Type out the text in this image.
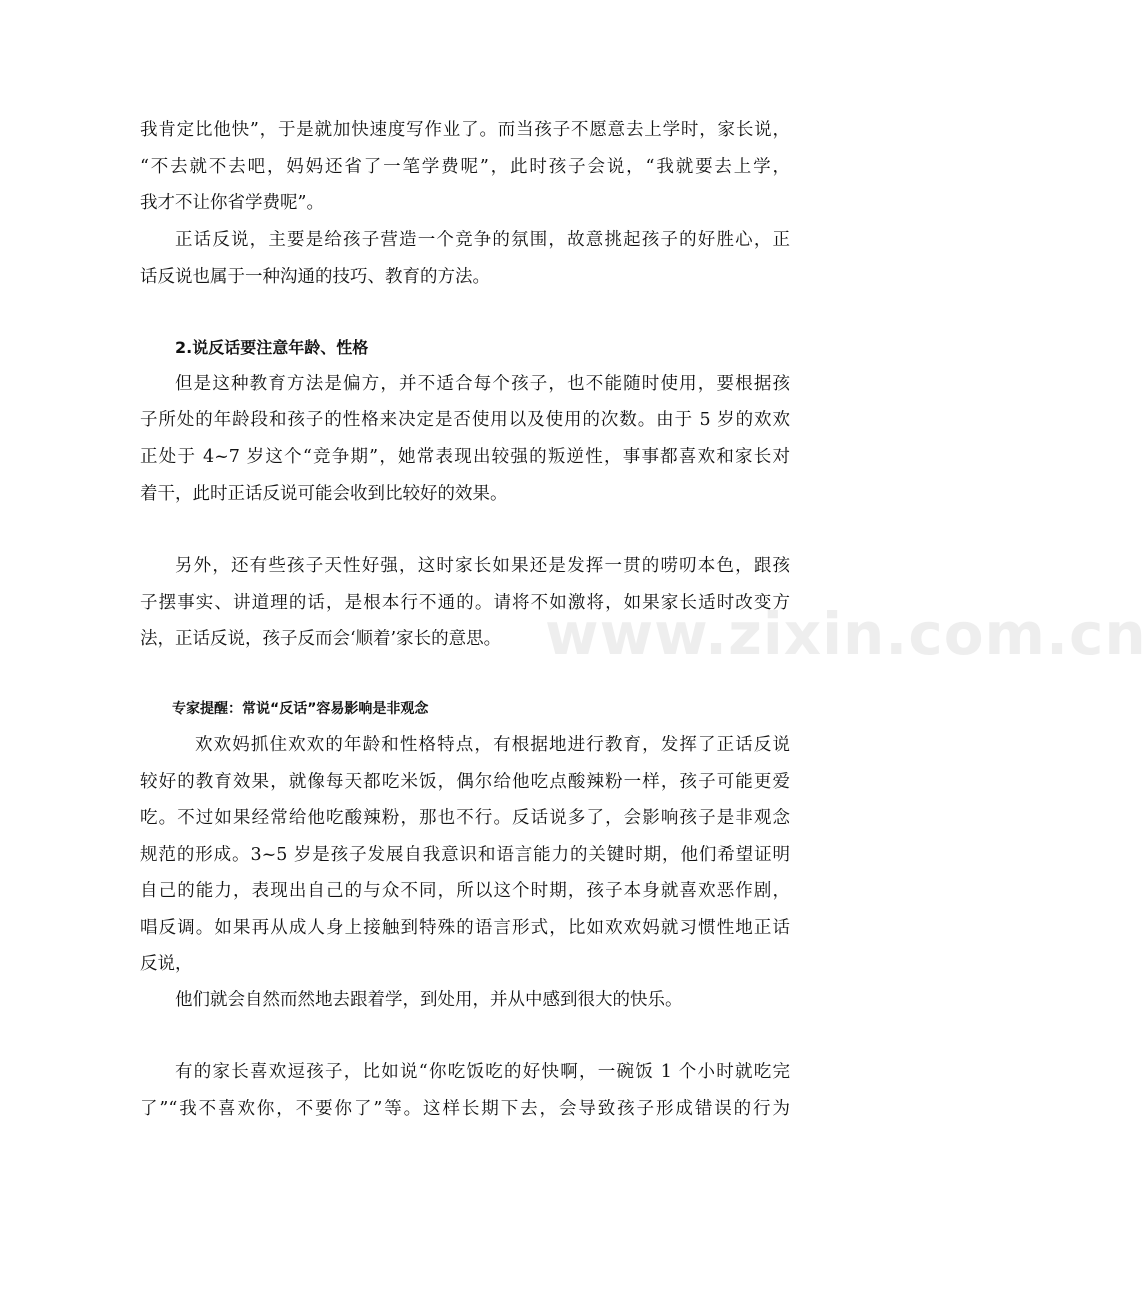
www.zixin.com.cn
我肯定比他快”，于是就加快速度写作业了。而当孩子不愿意去上学时，家长说，
“不去就不去吧，妈妈还省了一笔学费呢”，此时孩子会说，“我就要去上学，
我才不让你省学费呢”。
正话反说，主要是给孩子营造一个竞争的氛围，故意挑起孩子的好胜心，正
话反说也属于一种沟通的技巧、教育的方法。
2.说反话要注意年龄、性格
但是这种教育方法是偏方，并不适合每个孩子，也不能随时使用，要根据孩
子所处的年龄段和孩子的性格来决定是否使用以及使用的次数。由于 5 岁的欢欢
正处于 4~7 岁这个“竞争期”，她常表现出较强的叛逆性，事事都喜欢和家长对
着干，此时正话反说可能会收到比较好的效果。
另外，还有些孩子天性好强，这时家长如果还是发挥一贯的唠叨本色，跟孩
子摆事实、讲道理的话，是根本行不通的。请将不如激将，如果家长适时改变方
法，正话反说，孩子反而会‘顺着’家长的意思。
专家提醒：常说“反话”容易影响是非观念
欢欢妈抓住欢欢的年龄和性格特点，有根据地进行教育，发挥了正话反说
较好的教育效果，就像每天都吃米饭，偶尔给他吃点酸辣粉一样，孩子可能更爱
吃。不过如果经常给他吃酸辣粉，那也不行。反话说多了，会影响孩子是非观念
规范的形成。3~5 岁是孩子发展自我意识和语言能力的关键时期，他们希望证明
自己的能力，表现出自己的与众不同，所以这个时期，孩子本身就喜欢恶作剧，
唱反调。如果再从成人身上接触到特殊的语言形式，比如欢欢妈就习惯性地正话
反说，
他们就会自然而然地去跟着学，到处用，并从中感到很大的快乐。
有的家长喜欢逗孩子，比如说“你吃饭吃的好快啊，一碗饭 1 个小时就吃完
了”“我不喜欢你，不要你了”等。这样长期下去，会导致孩子形成错误的行为
